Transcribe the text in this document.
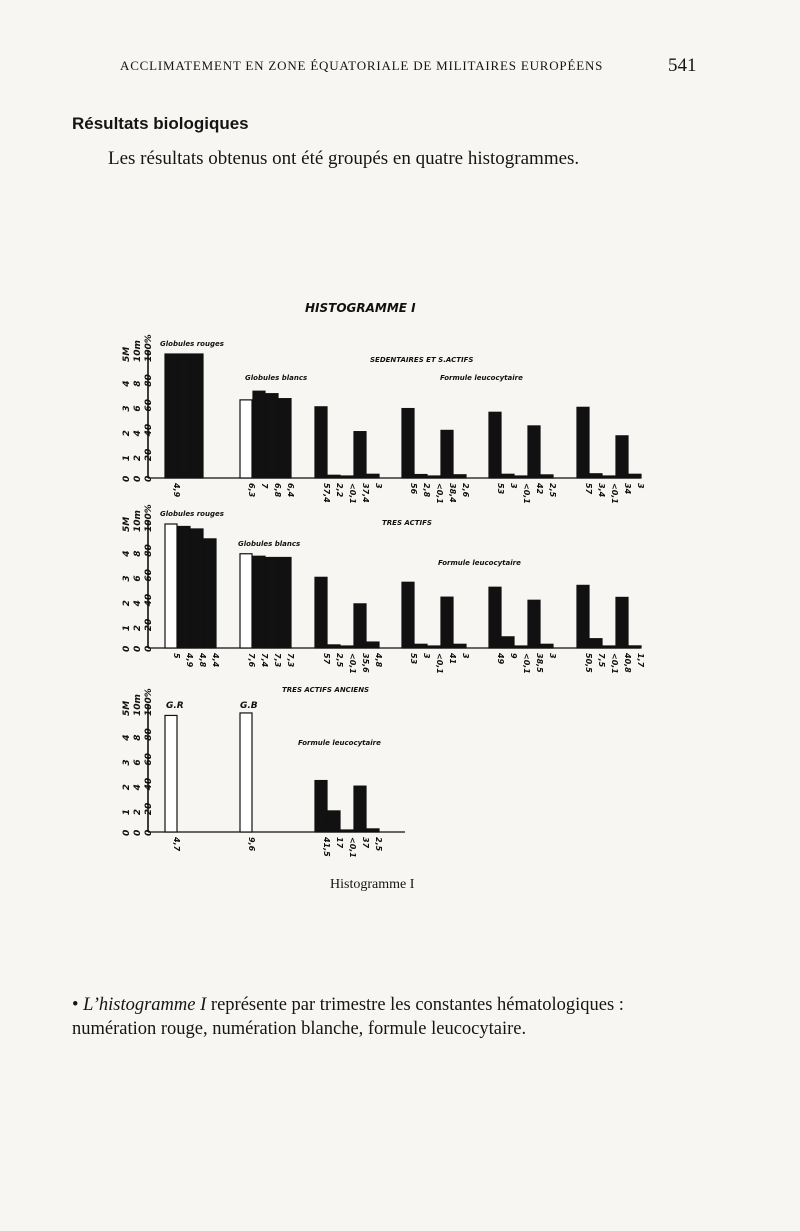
ACCLIMATEMENT EN ZONE ÉQUATORIALE DE MILITAIRES EUROPÉENS	541
Résultats biologiques
Les résultats obtenus ont été groupés en quatre histogrammes.
HISTOGRAMME I
SEDENTAIRES ET S.ACTIFS
1
2
3
4
5M
0
2
4
6
8
10m
0
20
40
60
80
100%
0
Globules rouges
4,9
Globules blancs
6,3 7 6,8 6,4
Formule leucocytaire
57,4 2,2 <0,1 37,4 3	56 2,8 <0,1 38,4 2,6	53 3 <0,1 42 2,5	57 3,4 <0,1 34 3
TRES ACTIFS
1
2
3
4
5M
0
2
4
6
8
10m
0
20
40
60
80
100%
0
Globules rouges
5 4,9 4,8 4,4
Globules blancs
7,6 7,4 7,3 7,3
Formule leucocytaire
57 2,5 <0,1 35,6 4,8	53 3 <0,1 41 3	49 9 <0,1 38,5 3	50,5 7,5 <0,1 40,8 1,7
TRES ACTIFS ANCIENS
1
2
3
4
5M
0
2
4
6
8
10m
0
20
40
60
80
100%
0
G.R
4,7
G.B
9,6
Formule leucocytaire
41,5 17 <0,1 37 2,5
Histogramme I
• L’histogramme I représente par trimestre les constantes hématologiques : numération rouge, numération blanche, formule leucocytaire.
